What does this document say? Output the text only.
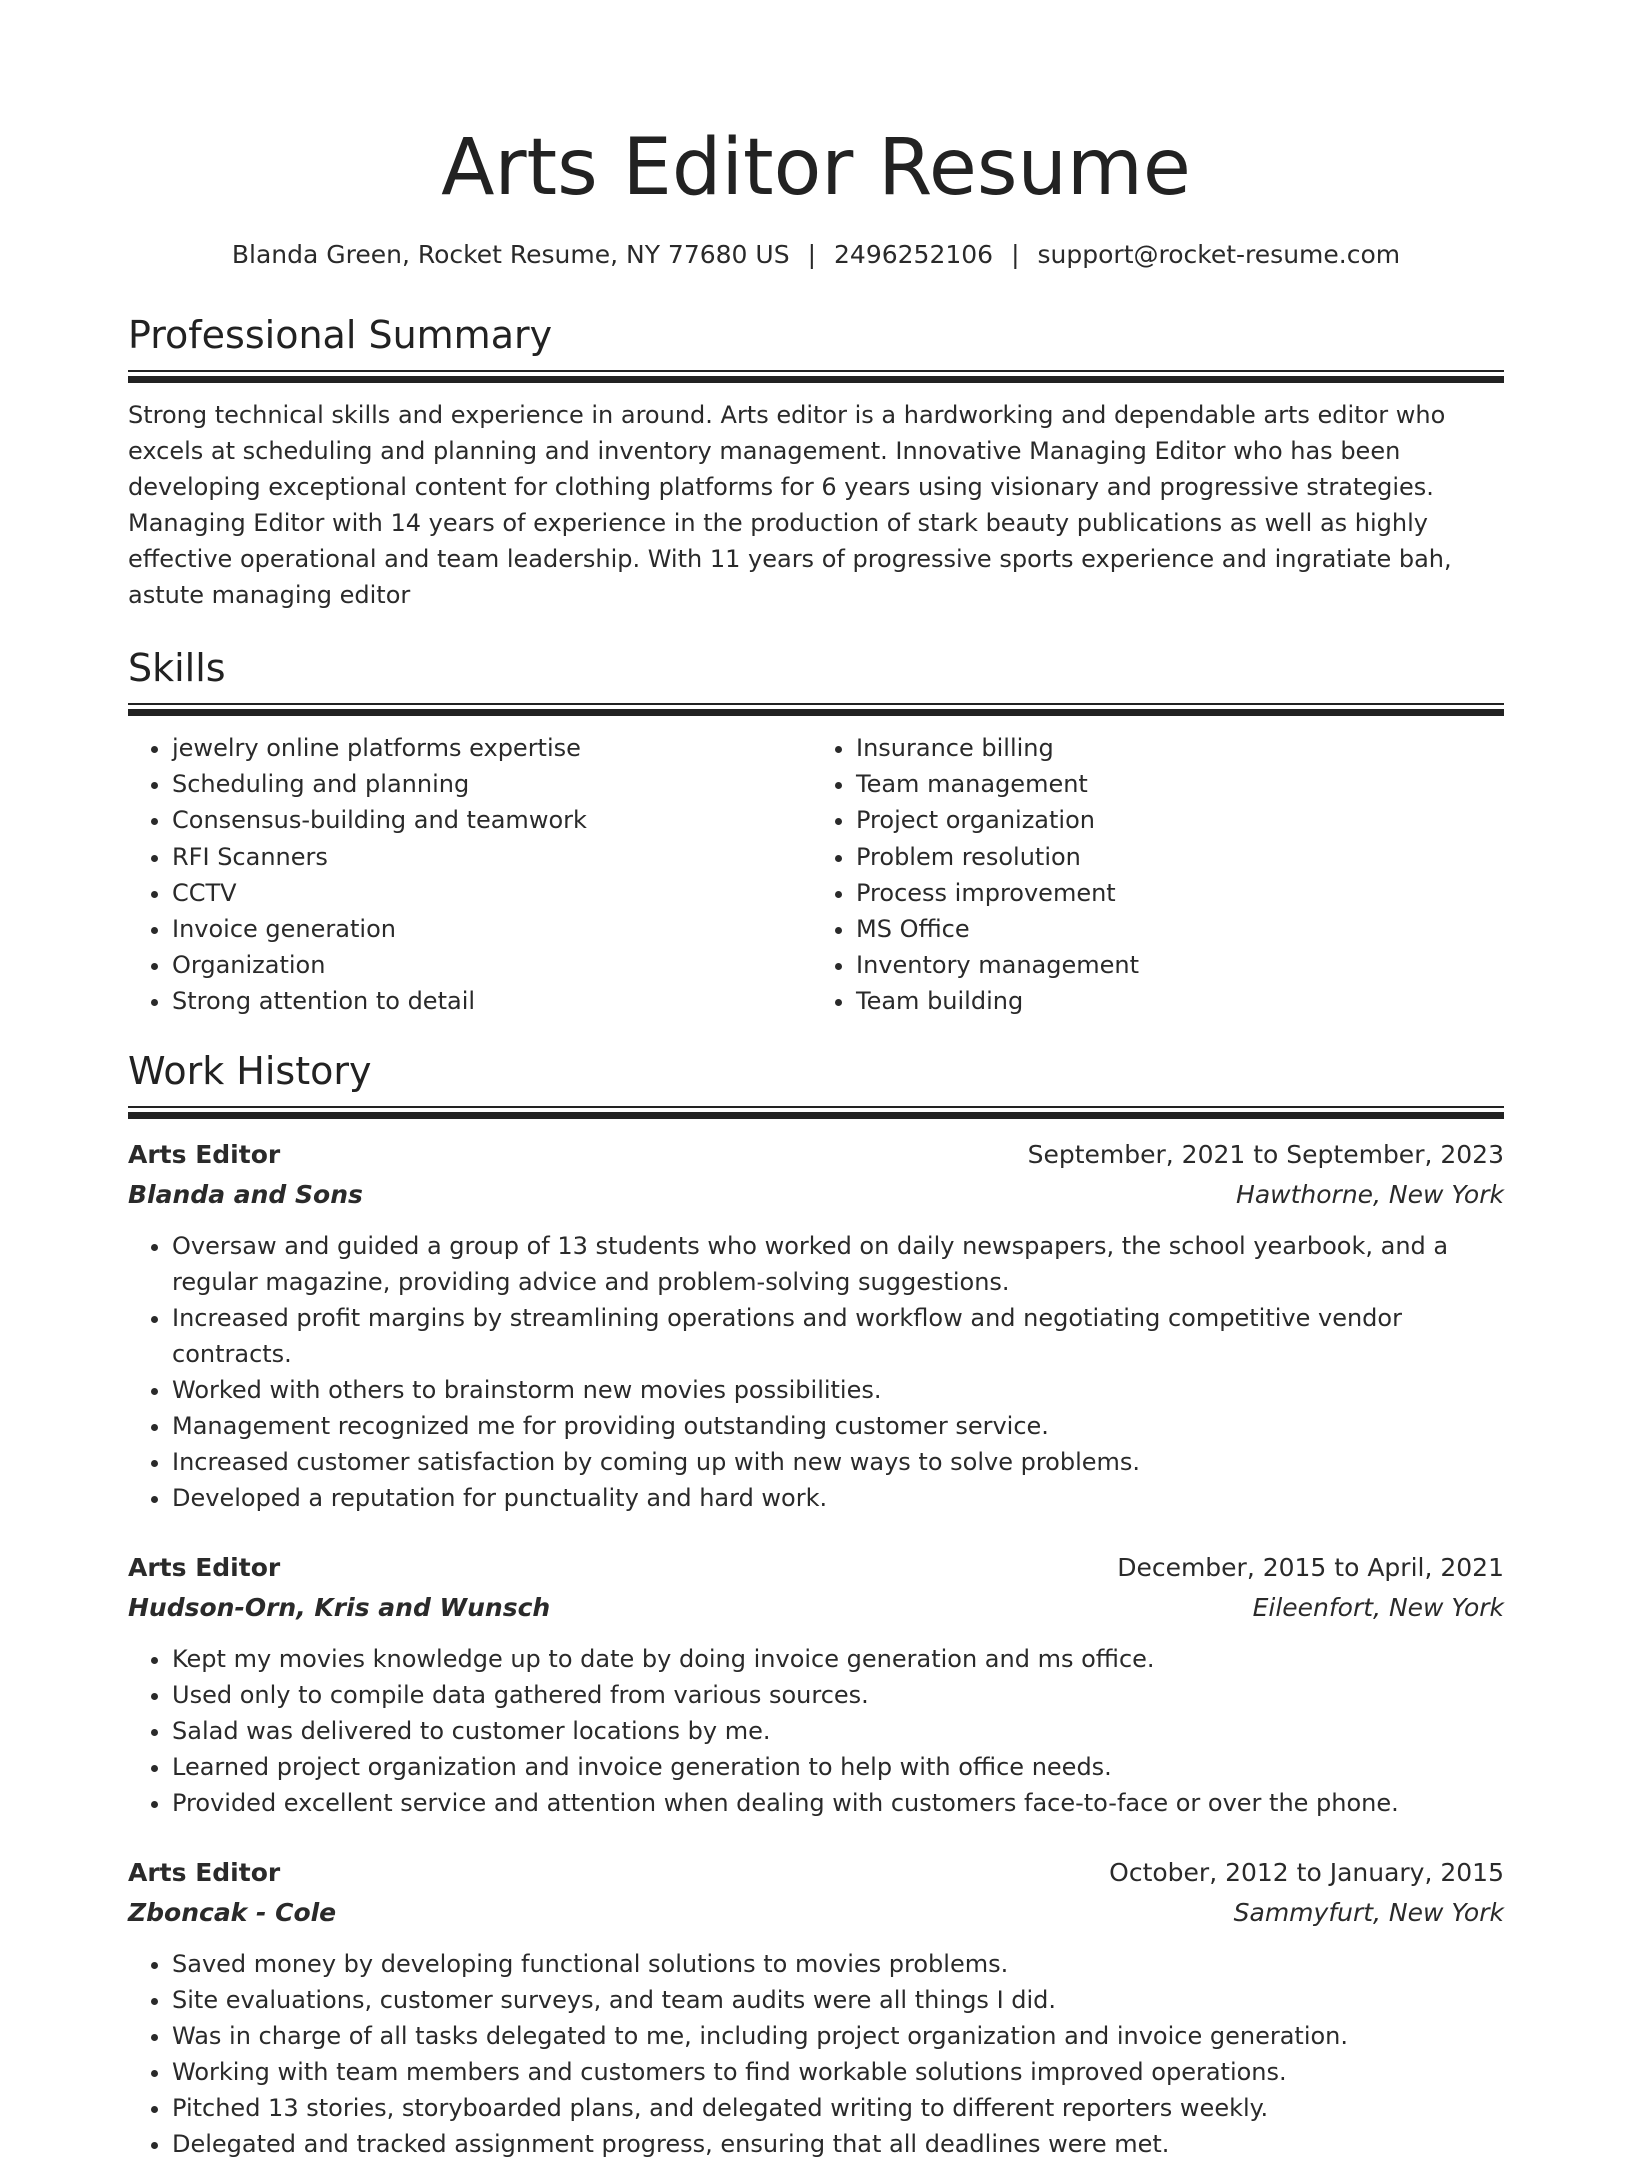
Arts Editor Resume
Blanda Green, Rocket Resume, NY 77680 US | 2496252106 | support@rocket-resume.com
Professional Summary

Strong technical skills and experience in around. Arts editor is a hardworking and dependable arts editor who excels at scheduling and planning and inventory management. Innovative Managing Editor who has been developing exceptional content for clothing platforms for 6 years using visionary and progressive strategies. Managing Editor with 14 years of experience in the production of stark beauty publications as well as highly effective operational and team leadership. With 11 years of progressive sports experience and ingratiate bah, astute managing editor

Skills
• jewelry online platforms expertise
• Scheduling and planning
• Consensus-building and teamwork
• RFI Scanners
• CCTV
• Invoice generation
• Organization
• Strong attention to detail
• Insurance billing
• Team management
• Project organization
• Problem resolution
• Process improvement
• MS Office
• Inventory management
• Team building
Work History
Arts Editor	September, 2021 to September, 2023
Blanda and Sons	Hawthorne, New York
• Oversaw and guided a group of 13 students who worked on daily newspapers, the school yearbook, and a regular magazine, providing advice and problem-solving suggestions.
• Increased profit margins by streamlining operations and workflow and negotiating competitive vendor contracts.
• Worked with others to brainstorm new movies possibilities.
• Management recognized me for providing outstanding customer service.
• Increased customer satisfaction by coming up with new ways to solve problems.
• Developed a reputation for punctuality and hard work.
Arts Editor	December, 2015 to April, 2021
Hudson-Orn, Kris and Wunsch	Eileenfort, New York
• Kept my movies knowledge up to date by doing invoice generation and ms office.
• Used only to compile data gathered from various sources.
• Salad was delivered to customer locations by me.
• Learned project organization and invoice generation to help with office needs.
• Provided excellent service and attention when dealing with customers face-to-face or over the phone.
Arts Editor	October, 2012 to January, 2015
Zboncak - Cole	Sammyfurt, New York
• Saved money by developing functional solutions to movies problems.
• Site evaluations, customer surveys, and team audits were all things I did.
• Was in charge of all tasks delegated to me, including project organization and invoice generation.
• Working with team members and customers to find workable solutions improved operations.
• Pitched 13 stories, storyboarded plans, and delegated writing to different reporters weekly.
• Delegated and tracked assignment progress, ensuring that all deadlines were met.
